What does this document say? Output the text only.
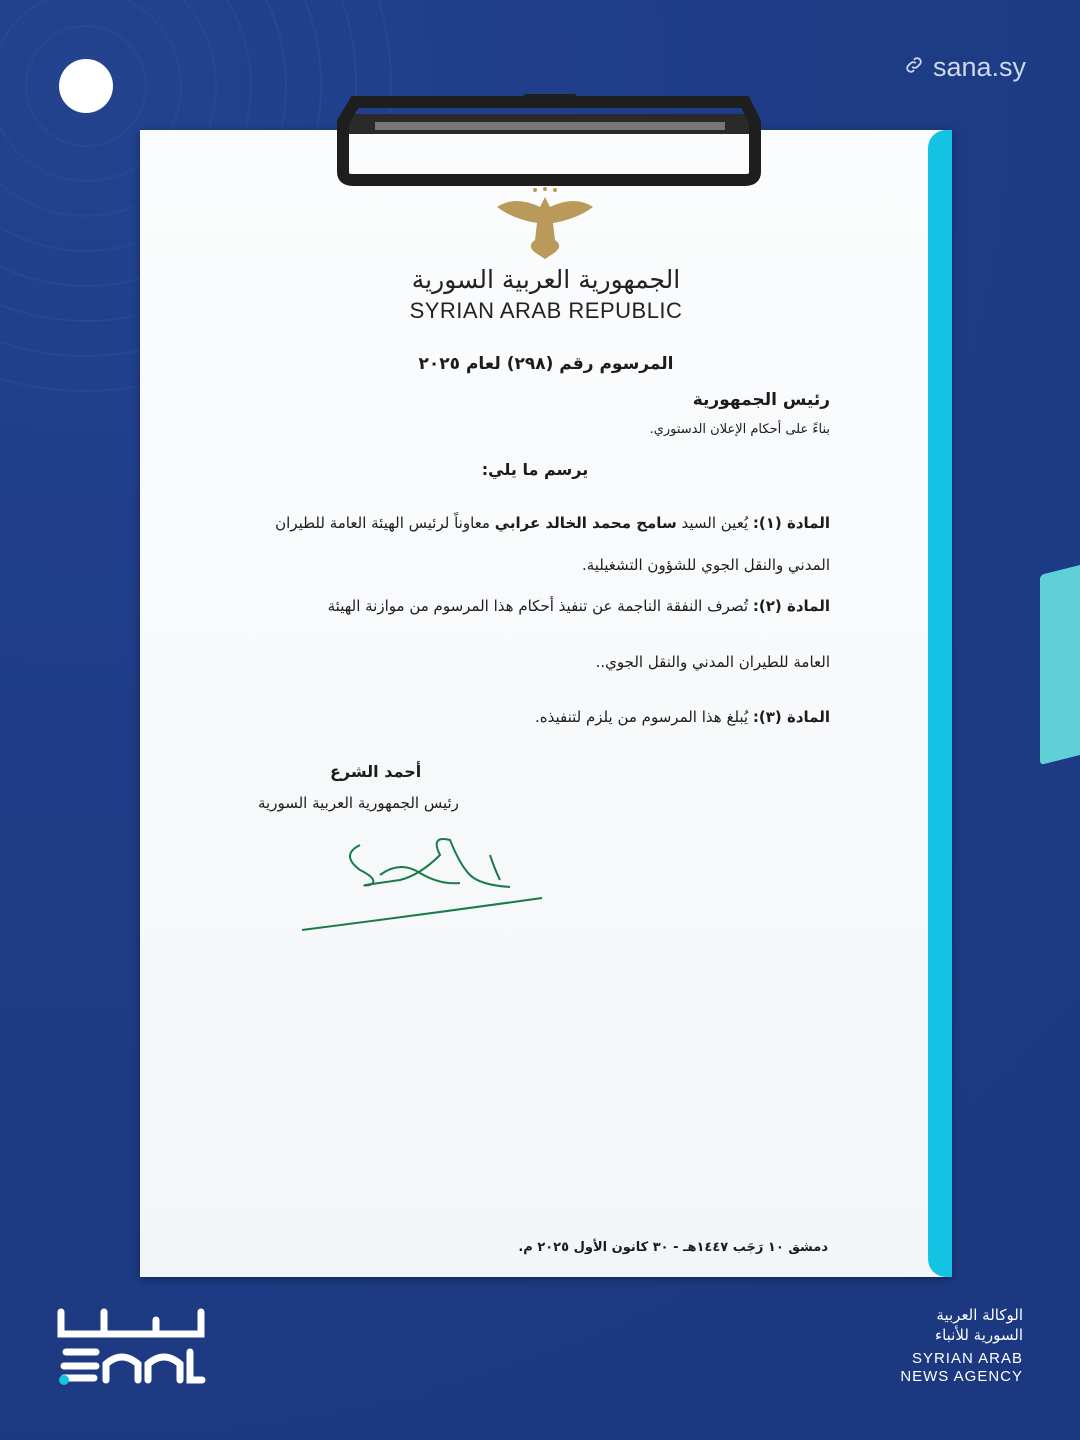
sana.sy
الجمهورية العربية السورية
SYRIAN ARAB REPUBLIC
المرسوم رقم (٢٩٨) لعام ٢٠٢٥
رئيس الجمهورية
بناءً على أحكام الإعلان الدستوري.
يرسم ما يلي:
المادة (١): يُعين السيد سامح محمد الخالد عرابي معاوناً لرئيس الهيئة العامة للطيران
المدني والنقل الجوي للشؤون التشغيلية.
المادة (٢): تُصرف النفقة الناجمة عن تنفيذ أحكام هذا المرسوم من موازنة الهيئة
العامة للطيران المدني والنقل الجوي..
المادة (٣): يُبلغ هذا المرسوم من يلزم لتنفيذه.
أحمد الشرع
رئيس الجمهورية العربية السورية
دمشق ١٠ رَجَب ١٤٤٧هـ - ٣٠ كانون الأول ٢٠٢٥ م.
الوكالة العربية
السورية للأنباء
SYRIAN ARAB
NEWS AGENCY
